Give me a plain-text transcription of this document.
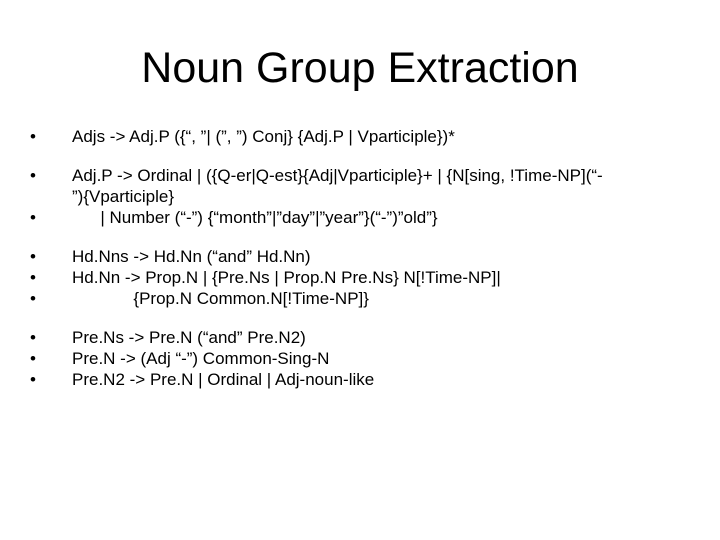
Noun Group Extraction
•	Adjs -> Adj.P ({“, ”| (”, ”) Conj} {Adj.P | Vparticiple})*
•	Adj.P -> Ordinal | ({Q-er|Q-est}{Adj|Vparticiple}+ | {N[sing, !Time-NP](“-
”){Vparticiple}
•	| Number (“-”) {“month”|”day”|”year”}(“-”)”old”}
•	Hd.Nns -> Hd.Nn (“and” Hd.Nn)
•	Hd.Nn -> Prop.N | {Pre.Ns | Prop.N Pre.Ns} N[!Time-NP]|
•	{Prop.N Common.N[!Time-NP]}
•	Pre.Ns -> Pre.N (“and” Pre.N2)
•	Pre.N -> (Adj “-”) Common-Sing-N
•	Pre.N2 -> Pre.N | Ordinal | Adj-noun-like
